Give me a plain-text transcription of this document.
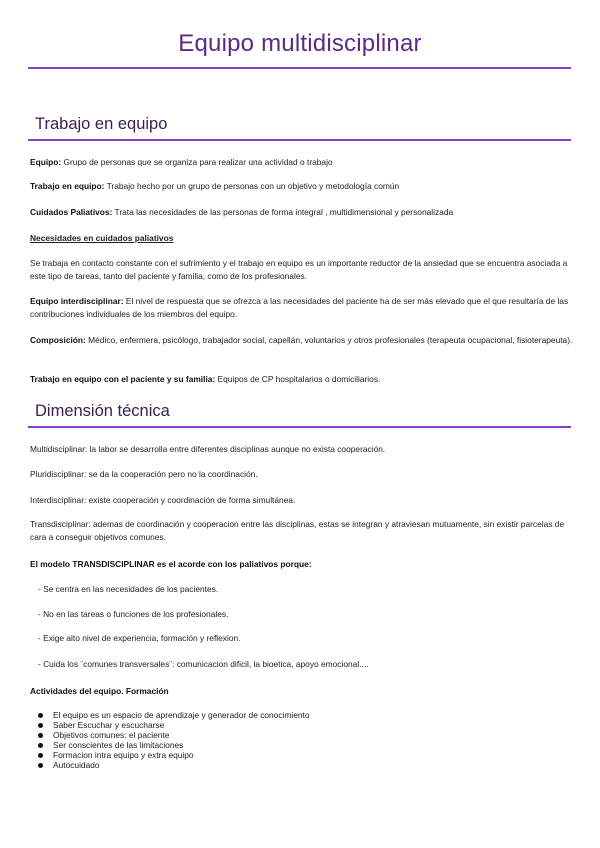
Equipo multidisciplinar
Trabajo en equipo
Equipo: Grupo de personas que se organiza para realizar una actividad o trabajo
Trabajo en equipo: Trabajo hecho por un grupo de personas con un objetivo y metodología común
Cuidados Paliativos: Trata las necesidades de las personas de forma integral , multidimensional y personalizada
Necesidades en cuidados paliativos
Se trabaja en contacto constante con el sufrimiento y el trabajo en equipo es un importante reductor de la ansiedad que se encuentra asociada a este tipo de tareas, tanto del paciente y familia, como de los profesionales.
Equipo interdisciplinar: El nivel de respuesta que se ofrezca a las necesidades del paciente ha de ser más elevado que el que resultaría de las contribuciones individuales de los miembros del equipo.
Composición: Médico, enfermera, psicólogo, trabajador social, capellán, voluntarios y otros profesionales (terapeuta ocupacional, fisioterapeuta).
Trabajo en equipo con el paciente y su familia: Equipos de CP hospitalarios o domiciliarios.
Dimensión técnica
Multidisciplinar: la labor se desarrolla entre diferentes disciplinas aunque no exista cooperación.
Pluridisciplinar: se da la cooperación pero no la coordinación.
Interdisciplinar: existe cooperación y coordinación de forma simultánea.
Transdisciplinar: ademas de coordinación y cooperacion entre las disciplinas, estas se integran y atraviesan mutuamente, sin existir parcelas de cara a conseguir objetivos comunes.
El modelo TRANSDISCIPLINAR es el acorde con los paliativos porque:
- Se centra en las necesidades de los pacientes.
- No en las tareas o funciones de los profesionales.
- Exige alto nivel de experiencia, formación y reflexion.
- Cuida los ¨comunes transversales¨: comunicacion dificil, la bioetica, apoyo emocional....
Actividades del equipo. Formación
El equipo es un espacio de aprendizaje y generador de conocimiento
Saber Escuchar y escucharse
Objetivos comunes: el paciente
Ser conscientes de las limitaciones
Formacion intra equipo y extra equipo
Autocuidado
